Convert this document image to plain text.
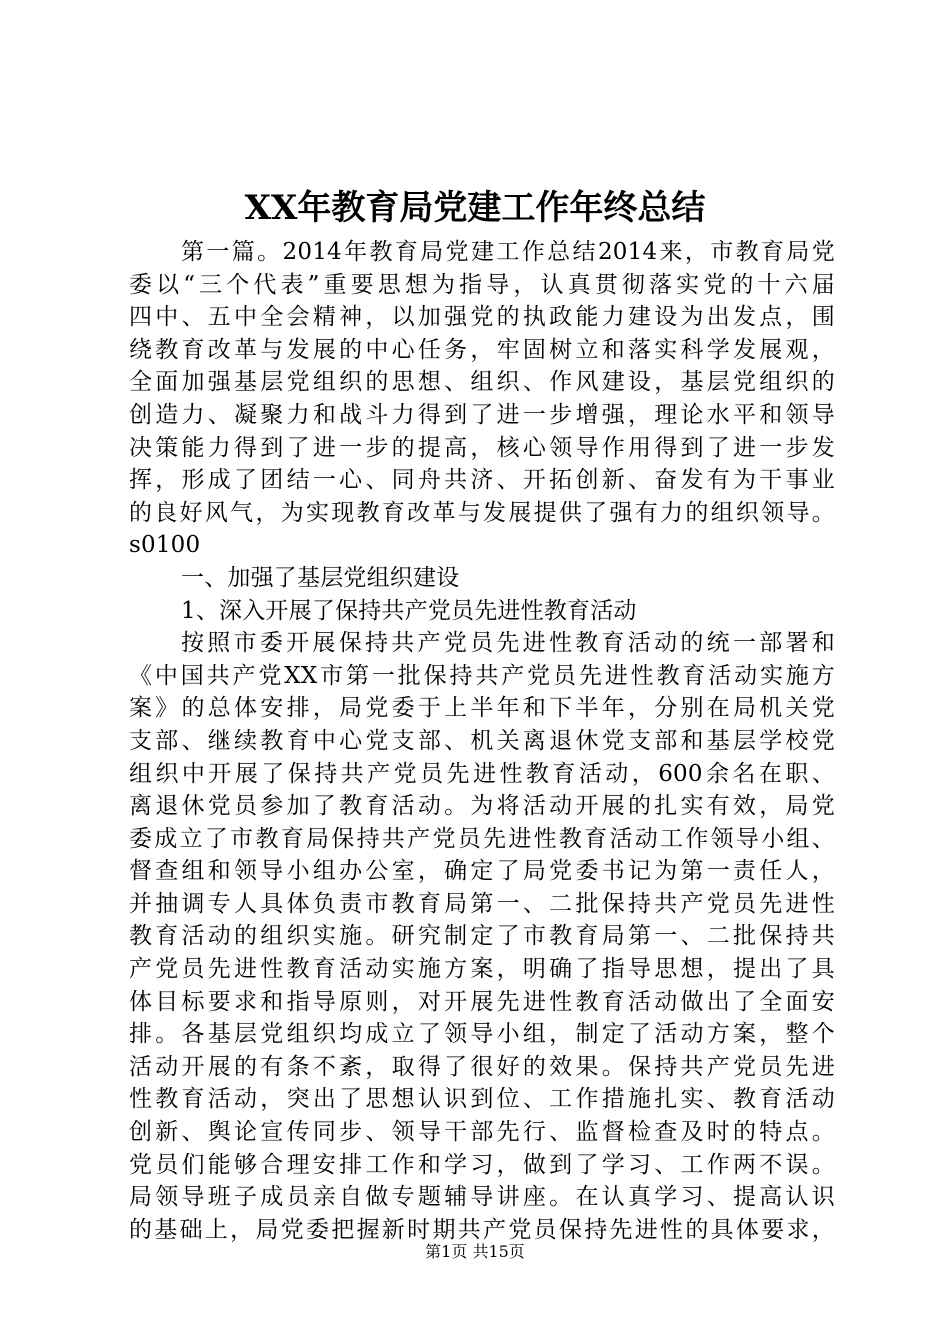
XX年教育局党建工作年终总结
第一篇。2014年教育局党建工作总结2014来，市教育局党
委以“三个代表”重要思想为指导，认真贯彻落实党的十六届
四中、五中全会精神，以加强党的执政能力建设为出发点，围
绕教育改革与发展的中心任务，牢固树立和落实科学发展观，
全面加强基层党组织的思想、组织、作风建设，基层党组织的
创造力、凝聚力和战斗力得到了进一步增强，理论水平和领导
决策能力得到了进一步的提高，核心领导作用得到了进一步发
挥，形成了团结一心、同舟共济、开拓创新、奋发有为干事业
的良好风气，为实现教育改革与发展提供了强有力的组织领导。
s0100
一、加强了基层党组织建设
1、深入开展了保持共产党员先进性教育活动
按照市委开展保持共产党员先进性教育活动的统一部署和
《中国共产党XX市第一批保持共产党员先进性教育活动实施方
案》的总体安排，局党委于上半年和下半年，分别在局机关党
支部、继续教育中心党支部、机关离退休党支部和基层学校党
组织中开展了保持共产党员先进性教育活动，600余名在职、
离退休党员参加了教育活动。为将活动开展的扎实有效，局党
委成立了市教育局保持共产党员先进性教育活动工作领导小组、
督查组和领导小组办公室，确定了局党委书记为第一责任人，
并抽调专人具体负责市教育局第一、二批保持共产党员先进性
教育活动的组织实施。研究制定了市教育局第一、二批保持共
产党员先进性教育活动实施方案，明确了指导思想，提出了具
体目标要求和指导原则，对开展先进性教育活动做出了全面安
排。各基层党组织均成立了领导小组，制定了活动方案，整个
活动开展的有条不紊，取得了很好的效果。保持共产党员先进
性教育活动，突出了思想认识到位、工作措施扎实、教育活动
创新、舆论宣传同步、领导干部先行、监督检查及时的特点。
党员们能够合理安排工作和学习，做到了学习、工作两不误。
局领导班子成员亲自做专题辅导讲座。在认真学习、提高认识
的基础上，局党委把握新时期共产党员保持先进性的具体要求，
第1页 共15页
